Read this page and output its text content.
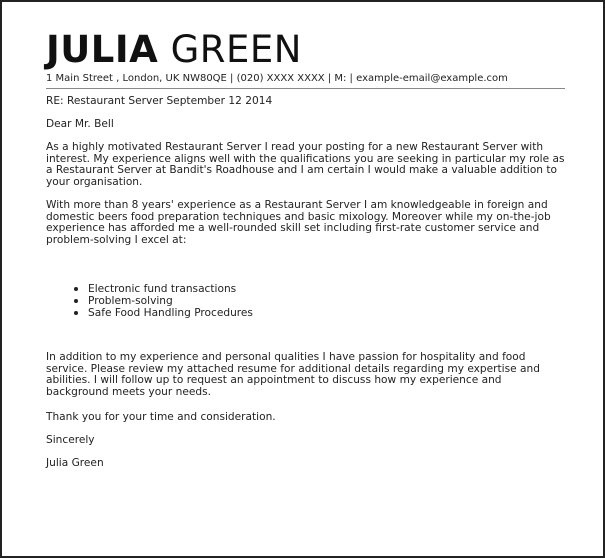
JULIA GREEN
1 Main Street , London, UK NW80QE | (020) XXXX XXXX | M: | example-email@example.com
RE: Restaurant Server September 12 2014
Dear Mr. Bell
As a highly motivated Restaurant Server I read your posting for a new Restaurant Server with
interest. My experience aligns well with the qualifications you are seeking in particular my role as
a Restaurant Server at Bandit's Roadhouse and I am certain I would make a valuable addition to
your organisation.
With more than 8 years' experience as a Restaurant Server I am knowledgeable in foreign and
domestic beers food preparation techniques and basic mixology. Moreover while my on-the-job
experience has afforded me a well-rounded skill set including first-rate customer service and
problem-solving I excel at:
Electronic fund transactions
Problem-solving
Safe Food Handling Procedures
In addition to my experience and personal qualities I have passion for hospitality and food
service. Please review my attached resume for additional details regarding my expertise and
abilities. I will follow up to request an appointment to discuss how my experience and
background meets your needs.
Thank you for your time and consideration.
Sincerely
Julia Green
